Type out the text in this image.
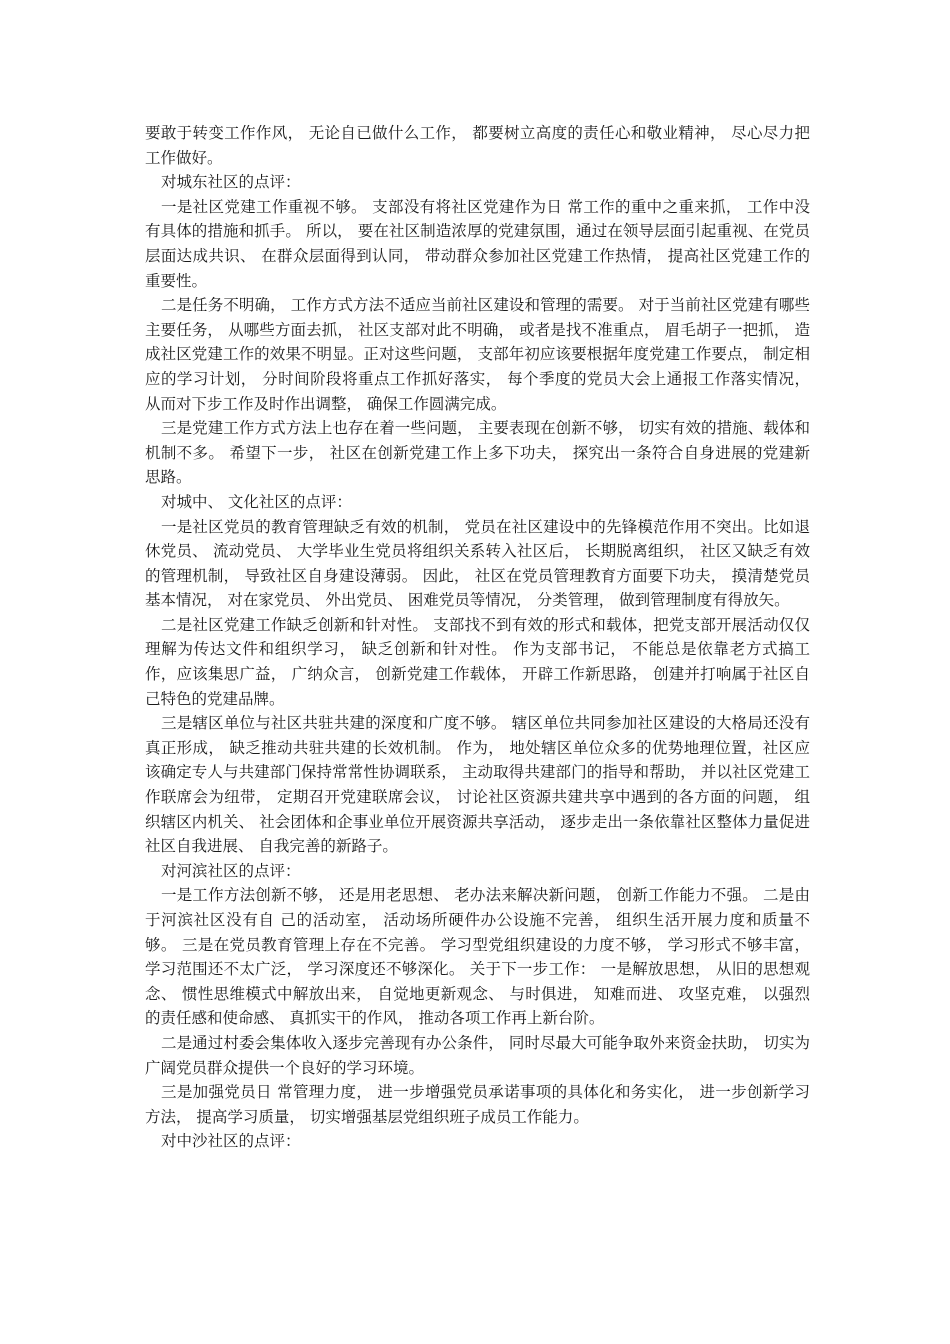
要敢于转变工作作风， 无论自已做什么工作， 都要树立高度的责任心和敬业精神， 尽心尽力把工作做好。

对城东社区的点评：

一是社区党建工作重视不够。 支部没有将社区党建作为日 常工作的重中之重来抓， 工作中没有具体的措施和抓手。 所以， 要在社区制造浓厚的党建氛围，通过在领导层面引起重视、在党员层面达成共识、 在群众层面得到认同， 带动群众参加社区党建工作热情， 提高社区党建工作的重要性。

二是任务不明确， 工作方式方法不适应当前社区建设和管理的需要。 对于当前社区党建有哪些主要任务， 从哪些方面去抓， 社区支部对此不明确， 或者是找不准重点， 眉毛胡子一把抓， 造成社区党建工作的效果不明显。正对这些问题， 支部年初应该要根据年度党建工作要点， 制定相应的学习计划， 分时间阶段将重点工作抓好落实， 每个季度的党员大会上通报工作落实情况， 从而对下步工作及时作出调整， 确保工作圆满完成。

三是党建工作方式方法上也存在着一些问题， 主要表现在创新不够， 切实有效的措施、载体和机制不多。 希望下一步， 社区在创新党建工作上多下功夫， 探究出一条符合自身进展的党建新思路。

对城中、 文化社区的点评：

一是社区党员的教育管理缺乏有效的机制， 党员在社区建设中的先锋模范作用不突出。比如退休党员、 流动党员、 大学毕业生党员将组织关系转入社区后， 长期脱离组织， 社区又缺乏有效的管理机制， 导致社区自身建设薄弱。 因此， 社区在党员管理教育方面要下功夫， 摸清楚党员基本情况， 对在家党员、 外出党员、 困难党员等情况， 分类管理， 做到管理制度有得放矢。

二是社区党建工作缺乏创新和针对性。 支部找不到有效的形式和载体，把党支部开展活动仅仅理解为传达文件和组织学习， 缺乏创新和针对性。 作为支部书记， 不能总是依靠老方式搞工作，应该集思广益， 广纳众言， 创新党建工作载体， 开辟工作新思路， 创建并打响属于社区自己特色的党建品牌。

三是辖区单位与社区共驻共建的深度和广度不够。 辖区单位共同参加社区建设的大格局还没有真正形成， 缺乏推动共驻共建的长效机制。 作为， 地处辖区单位众多的优势地理位置，社区应该确定专人与共建部门保持常常性协调联系， 主动取得共建部门的指导和帮助， 并以社区党建工作联席会为纽带， 定期召开党建联席会议， 讨论社区资源共建共享中遇到的各方面的问题， 组织辖区内机关、 社会团体和企事业单位开展资源共享活动， 逐步走出一条依靠社区整体力量促进社区自我进展、 自我完善的新路子。

对河滨社区的点评：

一是工作方法创新不够， 还是用老思想、 老办法来解决新问题， 创新工作能力不强。 二是由于河滨社区没有自 己的活动室， 活动场所硬件办公设施不完善， 组织生活开展力度和质量不够。 三是在党员教育管理上存在不完善。 学习型党组织建设的力度不够， 学习形式不够丰富， 学习范围还不太广泛， 学习深度还不够深化。 关于下一步工作： 一是解放思想， 从旧的思想观念、 惯性思维模式中解放出来， 自觉地更新观念、 与时俱进， 知难而进、 攻坚克难， 以强烈的责任感和使命感、 真抓实干的作风， 推动各项工作再上新台阶。

二是通过村委会集体收入逐步完善现有办公条件， 同时尽最大可能争取外来资金扶助， 切实为广阔党员群众提供一个良好的学习环境。

三是加强党员日 常管理力度， 进一步增强党员承诺事项的具体化和务实化， 进一步创新学习方法， 提高学习质量， 切实增强基层党组织班子成员工作能力。

对中沙社区的点评：
